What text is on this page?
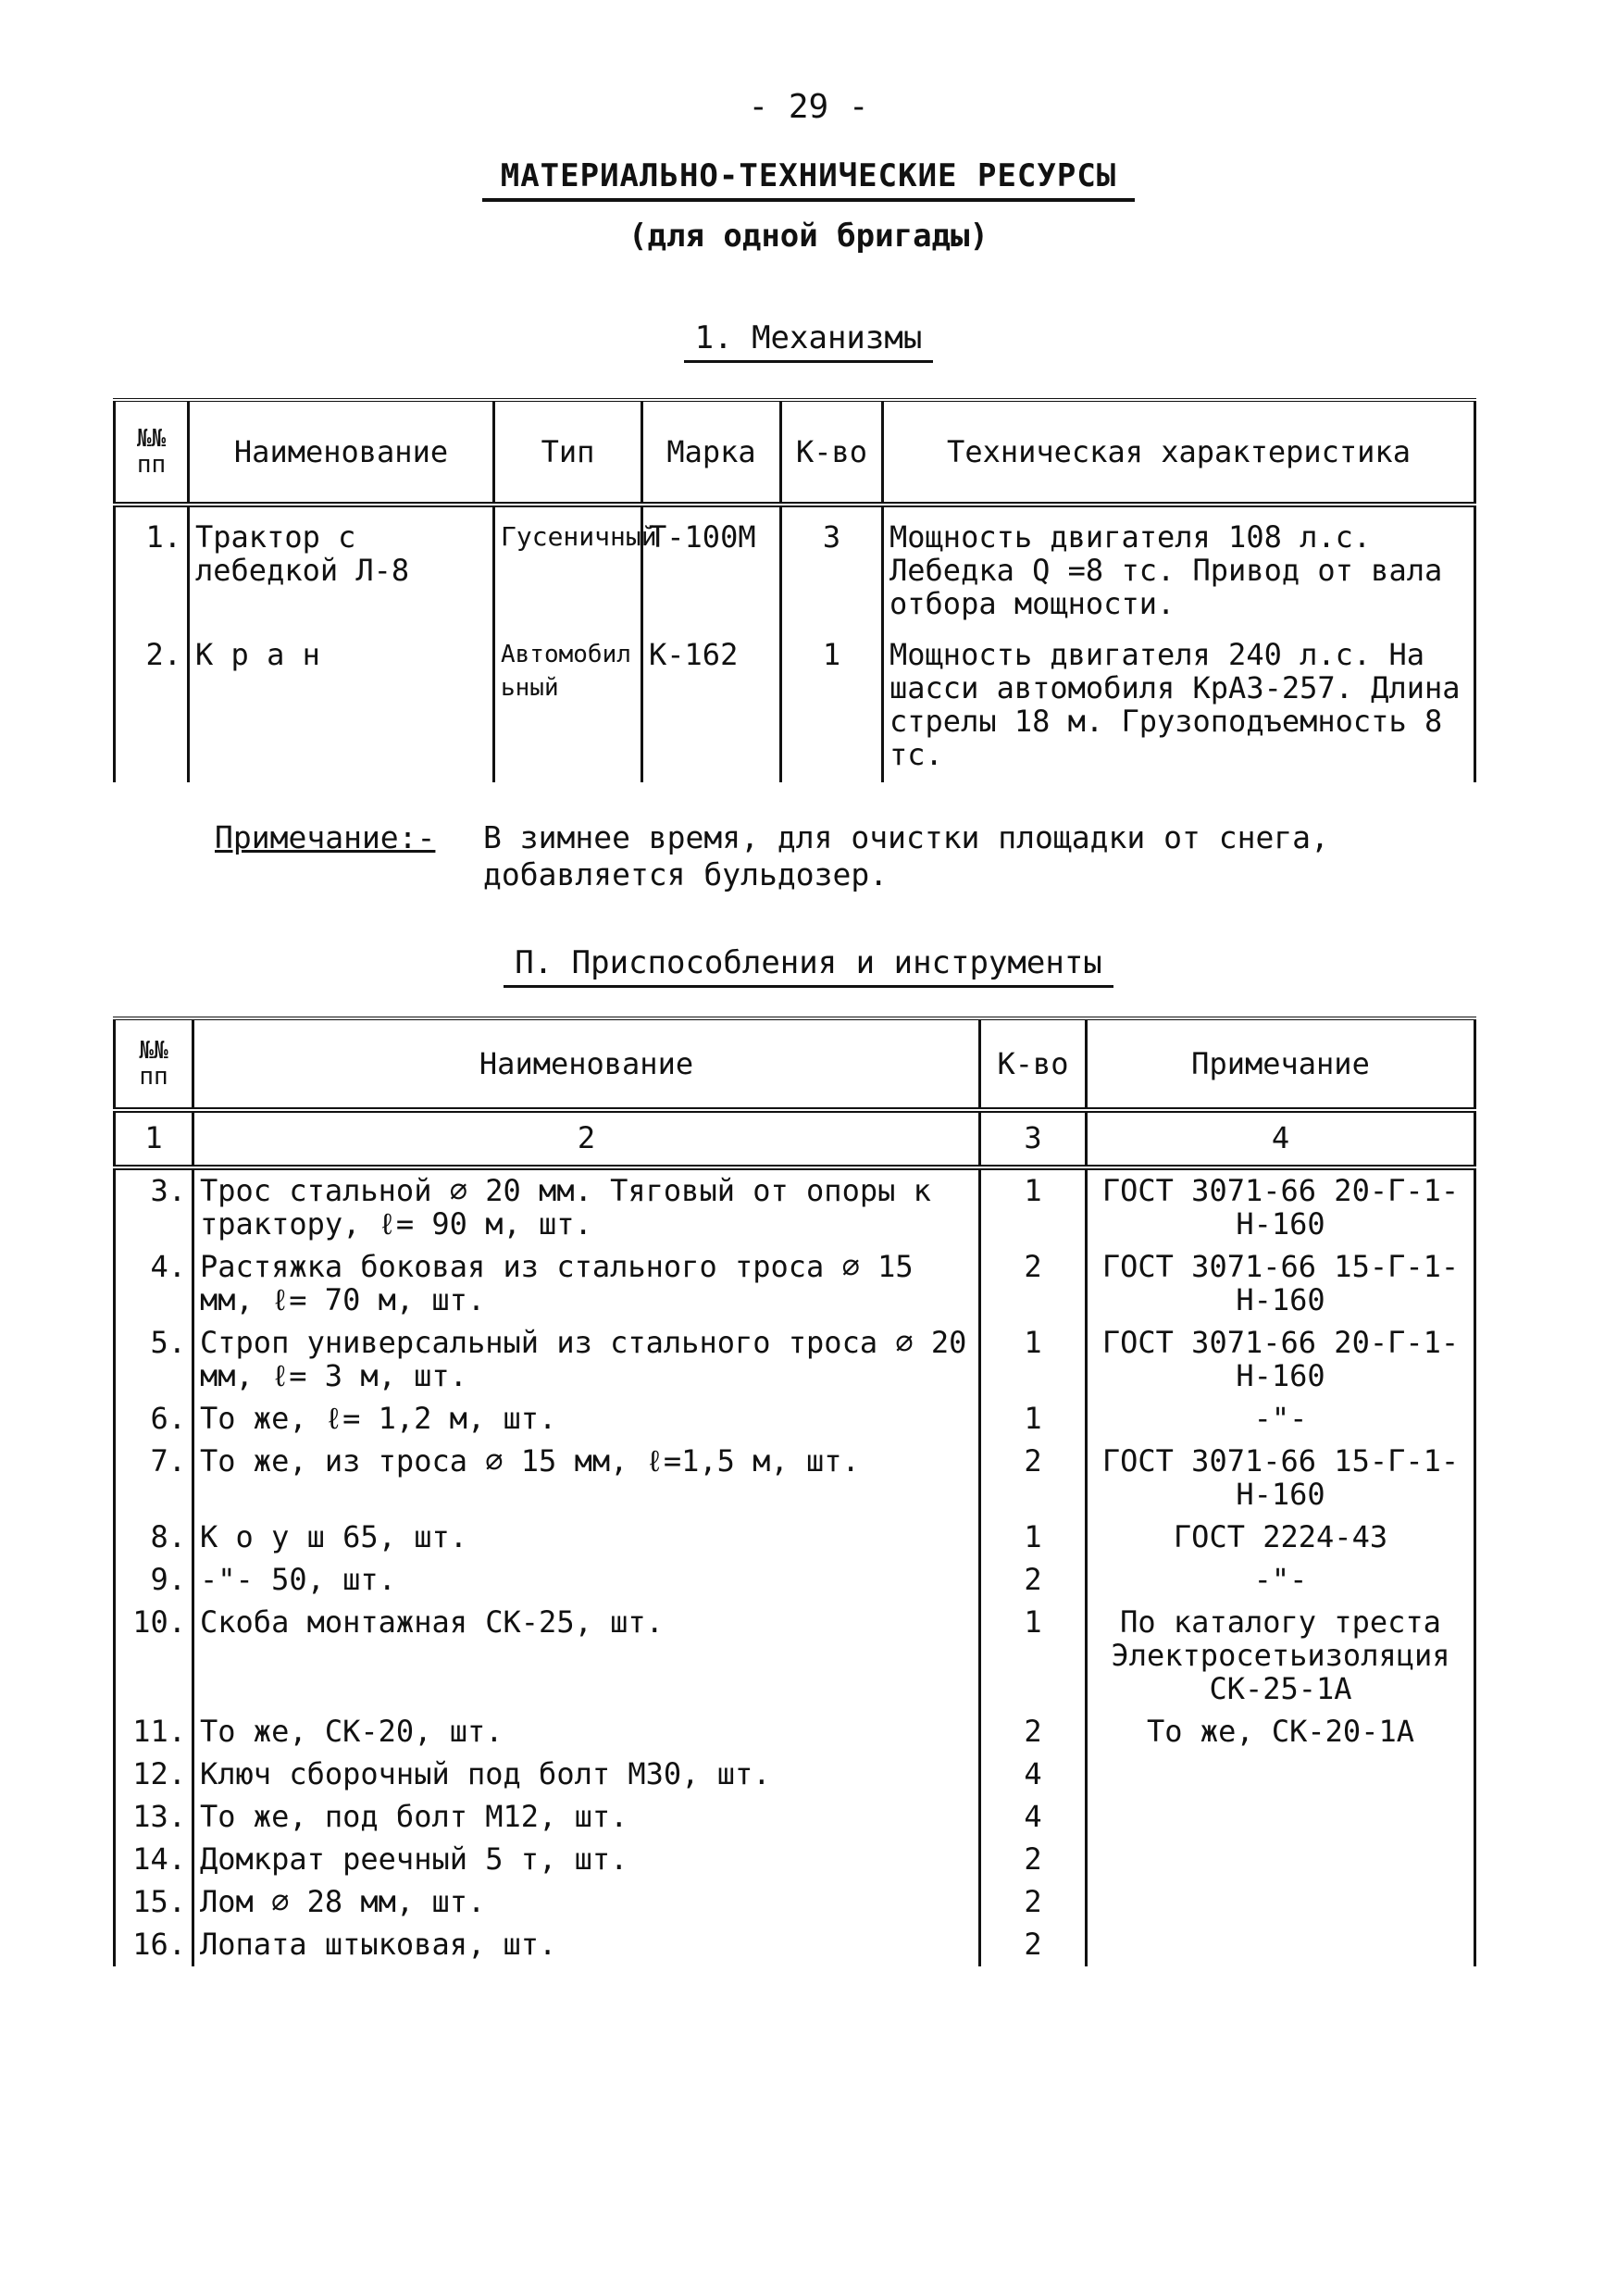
- 29 -
МАТЕРИАЛЬНО-ТЕХНИЧЕСКИЕ РЕСУРСЫ
(для одной бригады)
1. Механизмы
№№ пп	Наименование	Тип	Марка	К-во	Техническая характеристика
1.	Трактор с лебедкой Л-8	Гусеничный	Т-100М	3	Мощность двигателя 108 л.с. Лебедка Q =8 тс. Привод от вала отбора мощности.
2.	К р а н	Автомобильный	К-162	1	Мощность двигателя 240 л.с. На шасси автомобиля КрАЗ-257. Длина стрелы 18 м. Грузоподъемность 8 тс.
Примечание:- В зимнее время, для очистки площадки от снега, добавляется бульдозер.
П. Приспособления и инструменты
№№ пп	Наименование	К-во	Примечание
1	2	3	4
3.	Трос стальной ∅ 20 мм. Тяговый от опоры к трактору, ℓ= 90 м, шт.	1	ГОСТ 3071-66 20-Г-1-Н-160
4.	Растяжка боковая из стального троса ∅ 15 мм, ℓ= 70 м, шт.	2	ГОСТ 3071-66 15-Г-1-Н-160
5.	Строп универсальный из стального троса ∅ 20 мм, ℓ= 3 м, шт.	1	ГОСТ 3071-66 20-Г-1-Н-160
6.	То же, ℓ= 1,2 м, шт.	1	-"-
7.	То же, из троса ∅ 15 мм, ℓ=1,5 м, шт.	2	ГОСТ 3071-66 15-Г-1-Н-160
8.	К о у ш 65, шт.	1	ГОСТ 2224-43
9.	-"- 50, шт.	2	-"-
10.	Скоба монтажная СК-25, шт.	1	По каталогу треста Электросетьизоляция СК-25-1А
11.	То же, СК-20, шт.	2	То же, СК-20-1А
12.	Ключ сборочный под болт М30, шт.	4	
13.	То же, под болт М12, шт.	4	
14.	Домкрат реечный 5 т, шт.	2	
15.	Лом ∅ 28 мм, шт.	2	
16.	Лопата штыковая, шт.	2	
